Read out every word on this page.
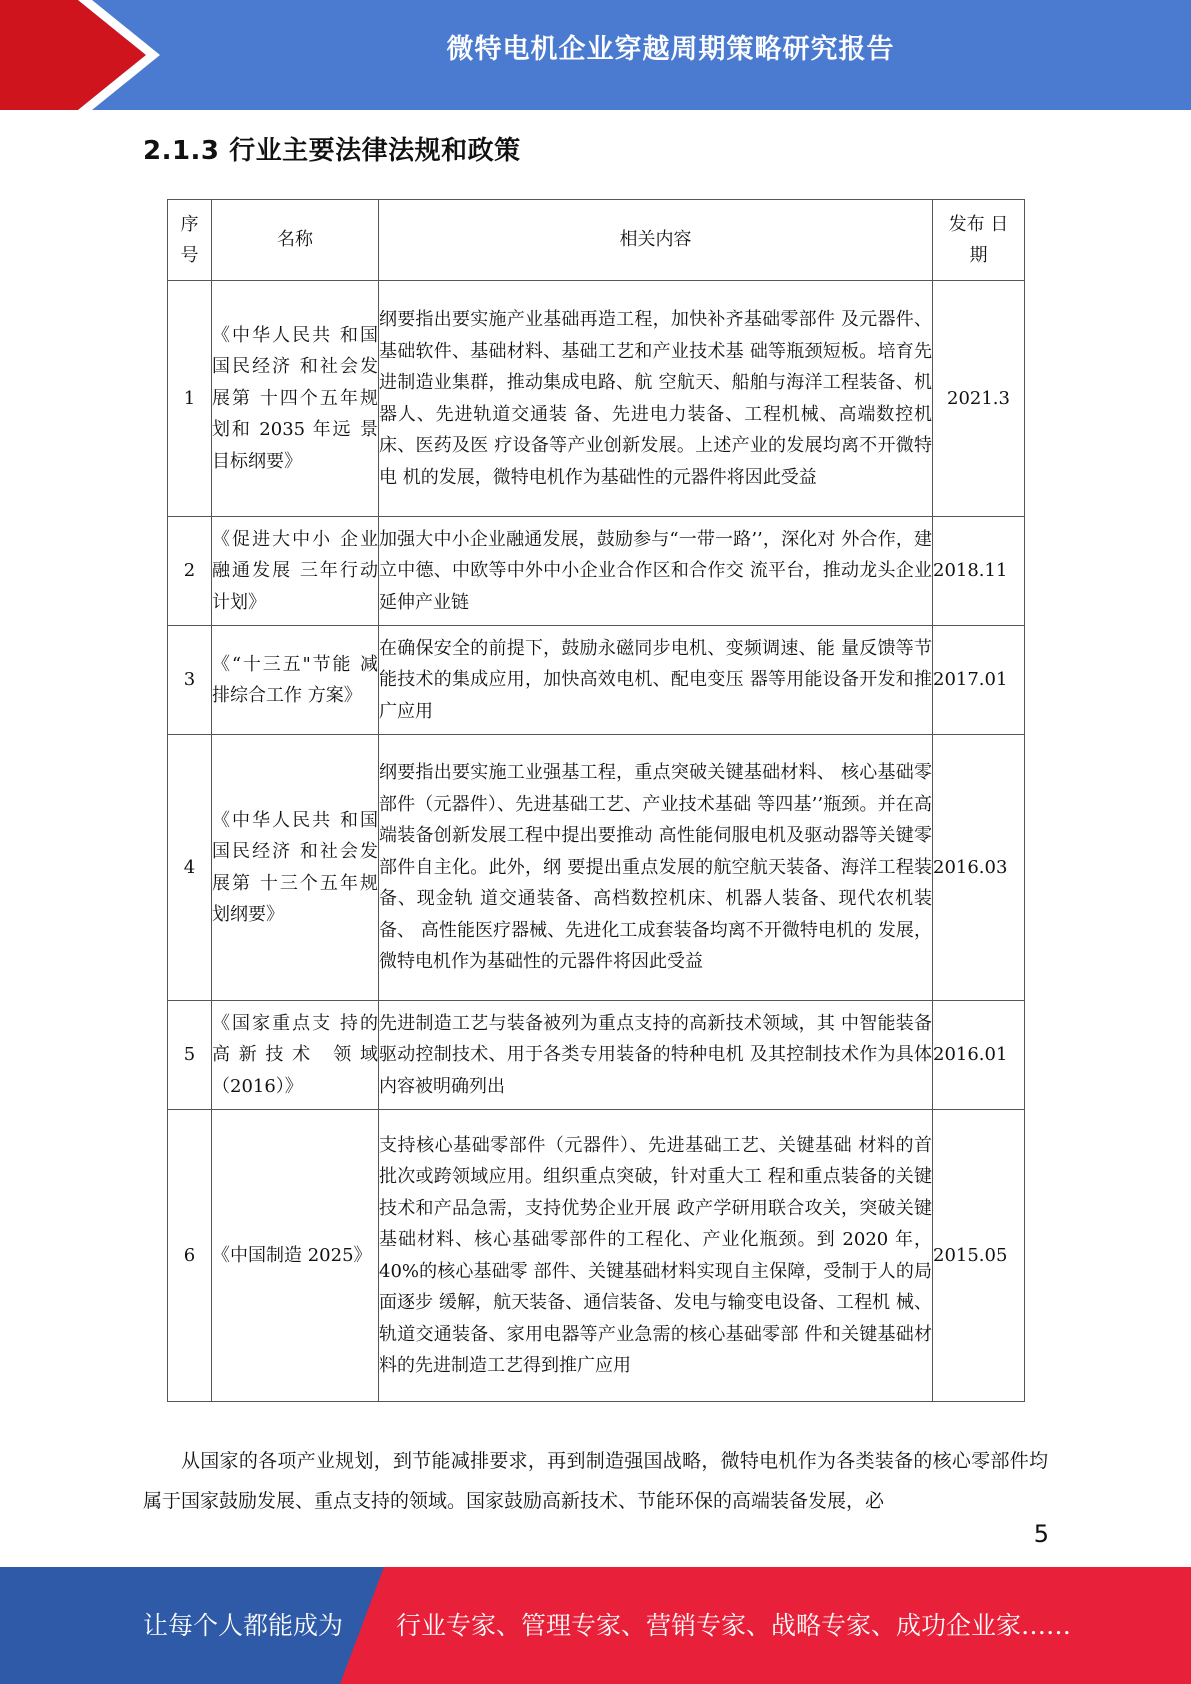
微特电机企业穿越周期策略研究报告
2.1.3 行业主要法律法规和政策
序号	名称	相关内容	发布 日期
1	《中华人民共 和国国民经济 和社会发展第 十四个五年规 划和 2035 年远 景目标纲要》	纲要指出要实施产业基础再造工程，加快补齐基础零部件 及元器件、基础软件、基础材料、基础工艺和产业技术基 础等瓶颈短板。培育先进制造业集群，推动集成电路、航 空航天、船舶与海洋工程装备、机器人、先进轨道交通装 备、先进电力装备、工程机械、高端数控机床、医药及医 疗设备等产业创新发展。上述产业的发展均离不开微特电 机的发展，微特电机作为基础性的元器件将因此受益	2021.3
2	《促进大中小 企业融通发展 三年行动计划》	加强大中小企业融通发展，鼓励参与“一带一路’’，深化对 外合作，建立中德、中欧等中外中小企业合作区和合作交 流平台，推动龙头企业延伸产业链	2018.11
3	《“十三五"节能 减排综合工作 方案》	在确保安全的前提下，鼓励永磁同步电机、变频调速、能 量反馈等节能技术的集成应用，加快高效电机、配电变压 器等用能设备开发和推广应用	2017.01
4	《中华人民共 和国国民经济 和社会发展第 十三个五年规 划纲要》	纲要指出要实施工业强基工程，重点突破关键基础材料、 核心基础零部件（元器件）、先进基础工艺、产业技术基础 等四基’’瓶颈。并在高端装备创新发展工程中提出要推动 高性能伺服电机及驱动器等关键零部件自主化。此外，纲 要提出重点发展的航空航天装备、海洋工程装备、现金轨 道交通装备、高档数控机床、机器人装备、现代农机装备、 高性能医疗器械、先进化工成套装备均离不开微特电机的 发展，微特电机作为基础性的元器件将因此受益	2016.03
5	《国家重点支 持的高新技术 领域（2016）》	先进制造工艺与装备被列为重点支持的高新技术领域，其 中智能装备驱动控制技术、用于各类专用装备的特种电机 及其控制技术作为具体内容被明确列出	2016.01
6	《中国制造 2025》	支持核心基础零部件（元器件）、先进基础工艺、关键基础 材料的首批次或跨领域应用。组织重点突破，针对重大工 程和重点装备的关键技术和产品急需，支持优势企业开展 政产学研用联合攻关，突破关键基础材料、核心基础零部件的工程化、产业化瓶颈。到 2020 年，40%的核心基础零 部件、关键基础材料实现自主保障，受制于人的局面逐步 缓解，航天装备、通信装备、发电与输变电设备、工程机 械、轨道交通装备、家用电器等产业急需的核心基础零部 件和关键基础材料的先进制造工艺得到推广应用	2015.05

从国家的各项产业规划，到节能减排要求，再到制造强国战略，微特电机作为各类装备的核心零部件均属于国家鼓励发展、重点支持的领域。国家鼓励高新技术、节能环保的高端装备发展，必

5
让每个人都能成为 行业专家、管理专家、营销专家、战略专家、成功企业家……
